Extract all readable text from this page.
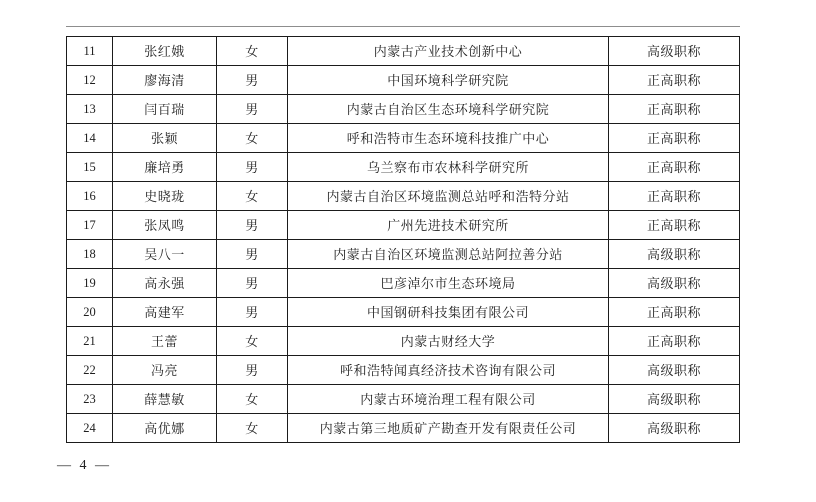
11	张红娥	女	内蒙古产业技术创新中心	高级职称
12	廖海清	男	中国环境科学研究院	正高职称
13	闫百瑞	男	内蒙古自治区生态环境科学研究院	正高职称
14	张颖	女	呼和浩特市生态环境科技推广中心	正高职称
15	廉培勇	男	乌兰察布市农林科学研究所	正高职称
16	史晓珑	女	内蒙古自治区环境监测总站呼和浩特分站	正高职称
17	张凤鸣	男	广州先进技术研究所	正高职称
18	吴八一	男	内蒙古自治区环境监测总站阿拉善分站	高级职称
19	高永强	男	巴彦淖尔市生态环境局	高级职称
20	高建军	男	中国钢研科技集团有限公司	正高职称
21	王蕾	女	内蒙古财经大学	正高职称
22	冯亮	男	呼和浩特闻真经济技术咨询有限公司	高级职称
23	薛慧敏	女	内蒙古环境治理工程有限公司	高级职称
24	高优娜	女	内蒙古第三地质矿产勘查开发有限责任公司	高级职称
— 4 —
